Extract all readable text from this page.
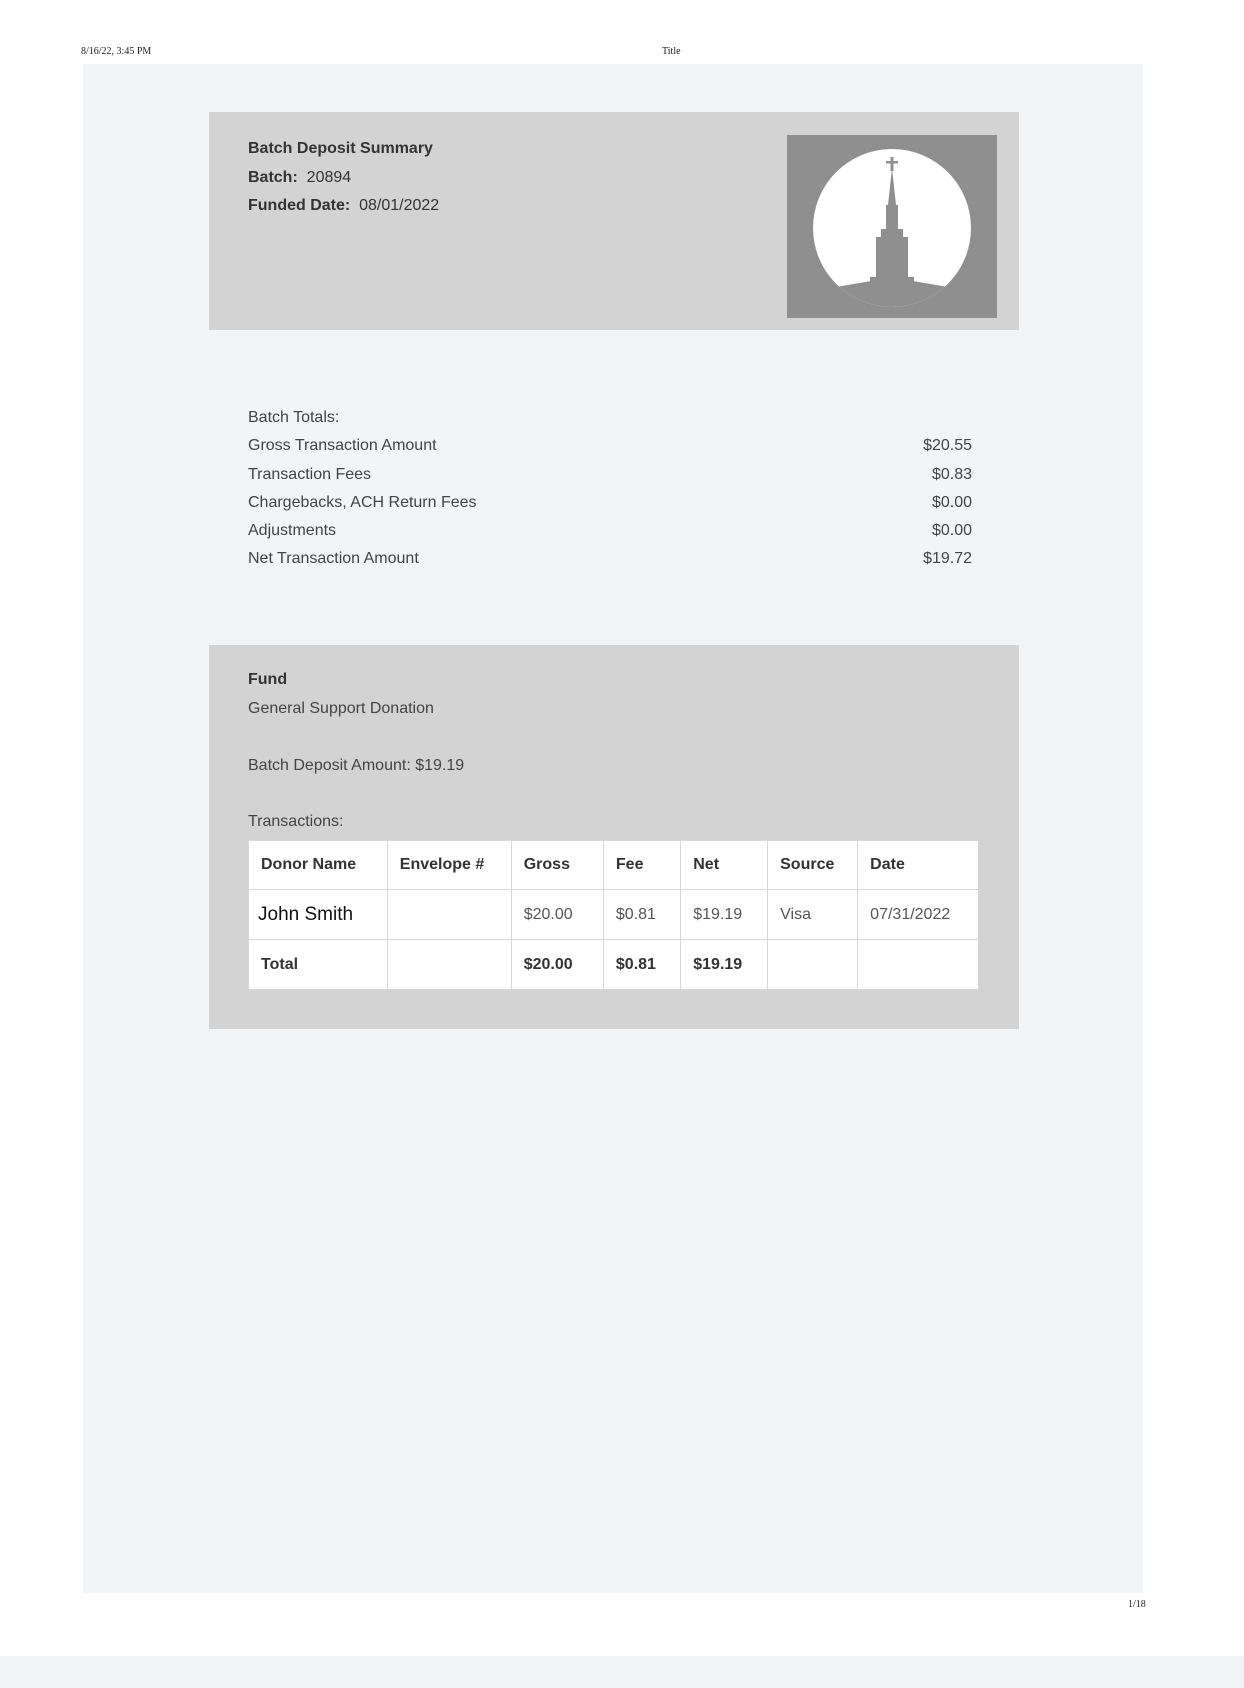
8/16/22, 3:45 PM	Title
Batch Deposit Summary
Batch: 20894
Funded Date: 08/01/2022
Batch Totals:
Gross Transaction Amount	$20.55
Transaction Fees	$0.83
Chargebacks, ACH Return Fees	$0.00
Adjustments	$0.00
Net Transaction Amount	$19.72
Fund
General Support Donation
Batch Deposit Amount: $19.19
Transactions:
Donor Name	Envelope #	Gross	Fee	Net	Source	Date
John Smith		$20.00	$0.81	$19.19	Visa	07/31/2022
Total		$20.00	$0.81	$19.19		
1/18
